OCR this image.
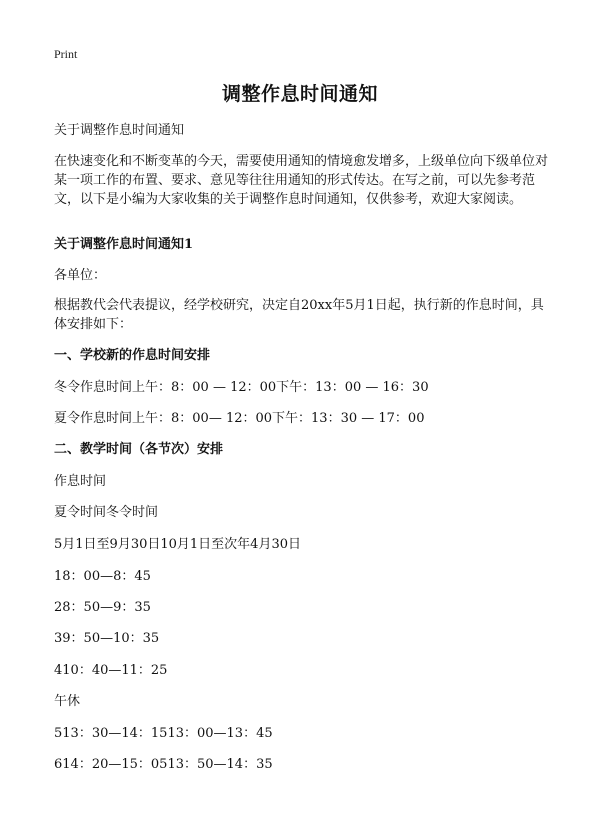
Print
调整作息时间通知

关于调整作息时间通知

在快速变化和不断变革的今天，需要使用通知的情境愈发增多，上级单位向下级单位对某一项工作的布置、要求、意见等往往用通知的形式传达。在写之前，可以先参考范文，以下是小编为大家收集的关于调整作息时间通知，仅供参考，欢迎大家阅读。

关于调整作息时间通知1

各单位：

根据教代会代表提议，经学校研究，决定自20xx年5月1日起，执行新的作息时间，具体安排如下：

一、学校新的作息时间安排

冬令作息时间上午：8：00 — 12：00下午：13：00 — 16：30

夏令作息时间上午：8：00— 12：00下午：13：30 — 17：00

二、教学时间（各节次）安排

作息时间

夏令时间冬令时间

5月1日至9月30日10月1日至次年4月30日

18：00—8：45

28：50—9：35

39：50—10：35

410：40—11：25

午休

513：30—14：1513：00—13：45

614：20—15：0513：50—14：35
